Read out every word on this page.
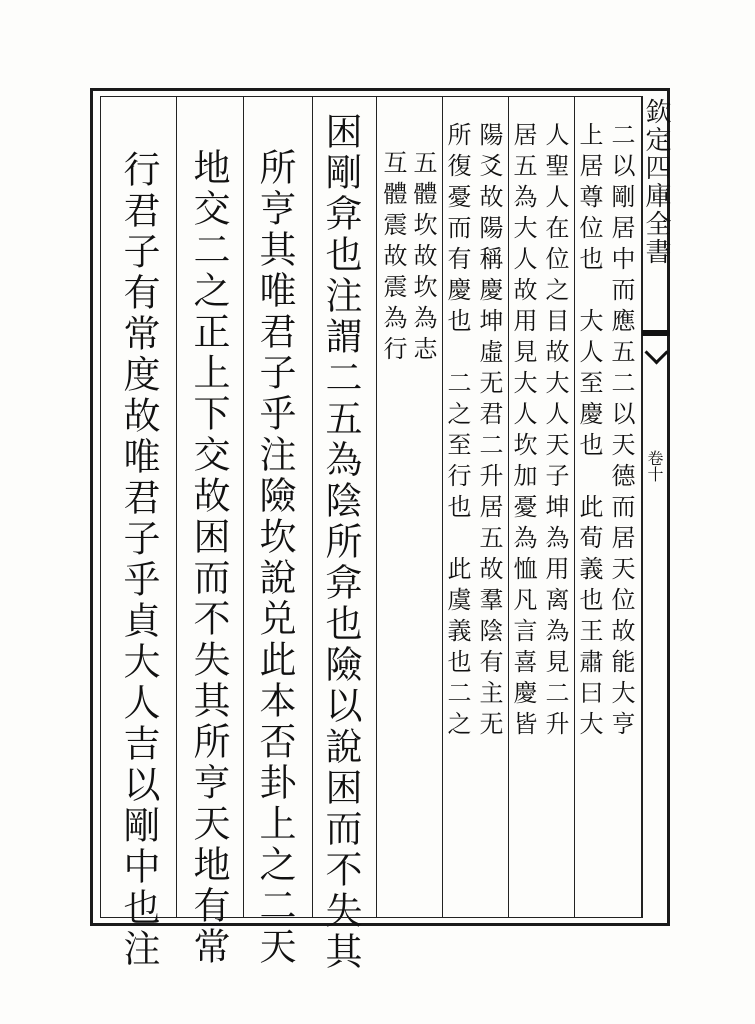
欽定四庫全書
卷十
二以剛居中而應五二以天德而居天位故能大亨
上居尊位也　大人至慶也　此荀義也王肅曰大
人聖人在位之目故大人天子坤為用离為見二升
居五為大人故用見大人坎加憂為恤凡言喜慶皆
陽爻故陽稱慶坤虛无君二升居五故羣陰有主无
所復憂而有慶也　二之至行也　此虞義也二之
五體坎故坎為志
互體震故震為行
困剛弇也注謂二五為陰所弇也險以說困而不失其
所亨其唯君子乎注險坎說兑此本否卦上之二天
地交二之正上下交故困而不失其所亨天地有常
行君子有常度故唯君子乎貞大人吉以剛中也注
